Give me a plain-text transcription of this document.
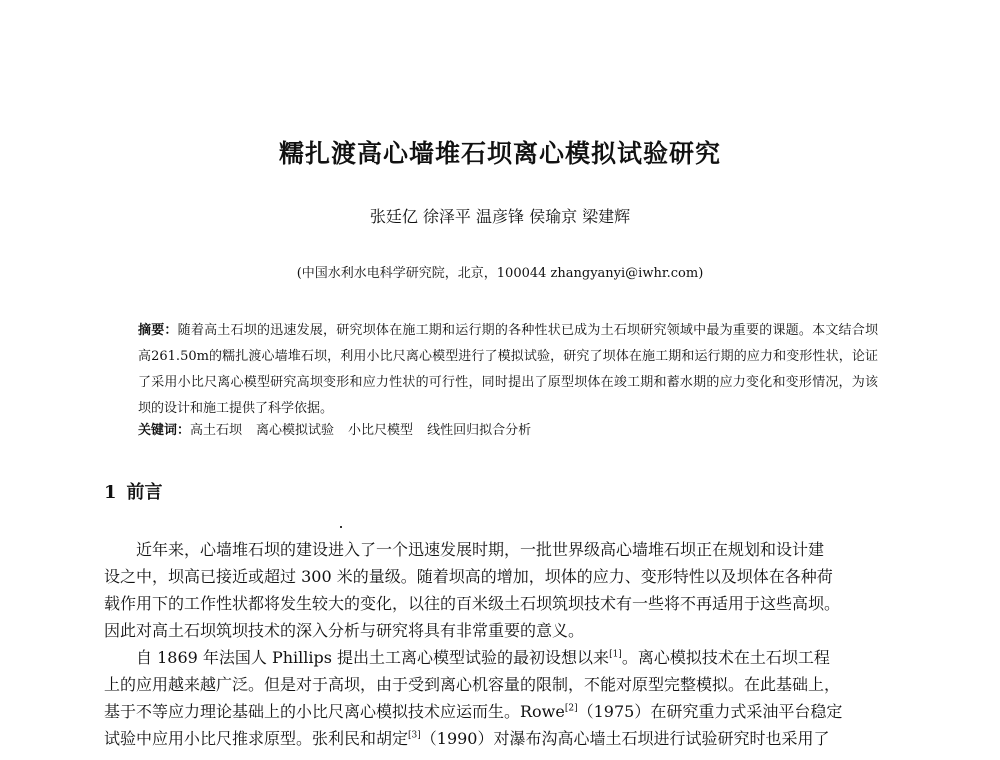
糯扎渡高心墙堆石坝离心模拟试验研究

张廷亿 徐泽平 温彦锋 侯瑜京 梁建辉

(中国水利水电科学研究院，北京，100044 zhangyanyi@iwhr.com)

摘要：随着高土石坝的迅速发展，研究坝体在施工期和运行期的各种性状已成为土石坝研究领域中最为重要的课题。本文结合坝高261.50m的糯扎渡心墙堆石坝，利用小比尺离心模型进行了模拟试验，研究了坝体在施工期和运行期的应力和变形性状，论证了采用小比尺离心模型研究高坝变形和应力性状的可行性，同时提出了原型坝体在竣工期和蓄水期的应力变化和变形情况，为该坝的设计和施工提供了科学依据。

关键词：高土石坝 离心模拟试验 小比尺模型 线性回归拟合分析

1 前言
近年来，心墙堆石坝的建设进入了一个迅速发展时期，一批世界级高心墙堆石坝正在规划和设计建
设之中，坝高已接近或超过 300 米的量级。随着坝高的增加，坝体的应力、变形特性以及坝体在各种荷
载作用下的工作性状都将发生较大的变化，以往的百米级土石坝筑坝技术有一些将不再适用于这些高坝。
因此对高土石坝筑坝技术的深入分析与研究将具有非常重要的意义。
自 1869 年法国人 Phillips 提出土工离心模型试验的最初设想以来[1]。离心模拟技术在土石坝工程
上的应用越来越广泛。但是对于高坝，由于受到离心机容量的限制，不能对原型完整模拟。在此基础上，
基于不等应力理论基础上的小比尺离心模拟技术应运而生。Rowe[2]（1975）在研究重力式采油平台稳定
试验中应用小比尺推求原型。张利民和胡定[3]（1990）对瀑布沟高心墙土石坝进行试验研究时也采用了
